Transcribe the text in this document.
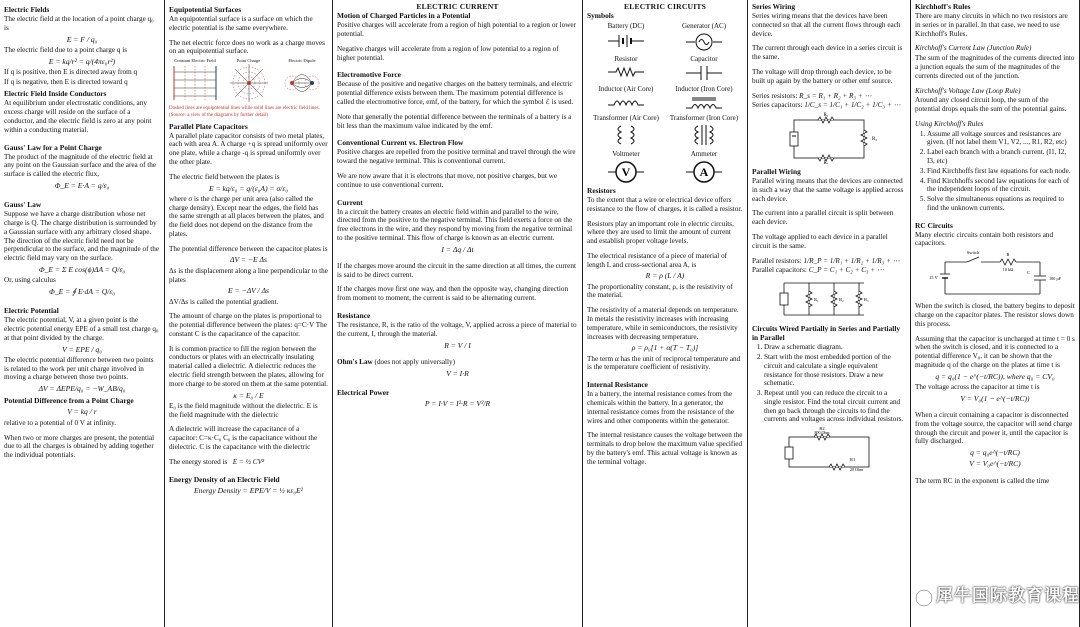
Electric Fields

The electric field at the location of a point charge q₀ is

E = F / q₀

The electric field due to a point charge q is

E = kq/r² = q/(4πε₀r²)

If q is positive, then E is directed away from q

If q is negative, then E is directed toward q

Electric Field Inside Conductors

At equilibrium under electrostatic conditions, any excess charge will reside on the surface of a conductor, and the electric field is zero at any point within a conducting material.

Gauss' Law for a Point Charge

The product of the magnitude of the electric field at any point on the Gaussian surface and the area of the surface is called the electric flux,

Φ_E = E·A = q/ε₀
Gauss' Law

Suppose we have a charge distribution whose net charge is Q. The charge distribution is surrounded by a Gaussian surface with any arbitrary closed shape. The direction of the electric field need not be perpendicular to the surface, and the magnitude of the electric field may vary on the surface.

Φ_E = Σ E cos(ϕ)ΔA = Q/ε₀

Or, using calculus

Φ_E = ∮ E·dA = Q/ε₀
Electric Potential

The electric potential, V, at a given point is the electric potential energy EPE of a small test charge q₀ at that point divided by the charge.

V = EPE / q₀

The electric potential difference between two points is related to the work per unit charge involved in moving a charge between those two points.

ΔV = ΔEPE/q₀ = −W_AB/q₀
Potential Difference from a Point Charge
V = kq / r

relative to a potential of 0 V at infinity.

When two or more charges are present, the potential due to all the charges is obtained by adding together the individual potentials.

Equipotential Surfaces

An equipotential surface is a surface on which the electric potential is the same everywhere.

The net electric force does no work as a charge moves on an equipotential surface.

Constant Electric Field	Point Charge	Electric Dipole
Dashed lines are equipotential lines while solid lines are electric field lines. (Source: a view of the diagrams by further detail)
Parallel Plate Capacitors

A parallel plate capacitor consists of two metal plates, each with area A. A charge +q is spread uniformly over one plate, while a charge -q is spread uniformly over the other plate.

The electric field between the plates is

E = kq/ε₀ = q/(ε₀A) = σ/ε₀

where σ is the charge per unit area (also called the charge density). Except near the edges, the field has the same strength at all places between the plates, and the field does not depend on the distance from the plates.

The potential difference between the capacitor plates is

ΔV = −E Δs

Δs is the displacement along a line perpendicular to the plates

E = −ΔV / Δs

ΔV/Δs is called the potential gradient.

The amount of charge on the plates is proportional to the potential difference between the plates: q=C·V The constant C is the capacitance of the capacitor.

It is common practice to fill the region between the conductors or plates with an electrically insulating material called a dielectric. A dielectric reduces the electric field strength between the plates, allowing for more charge to be stored on them at the same potential.

κ = E₀ / E

E₀ is the field magnitude without the dielectric. E is the field magnitude with the dielectric

A dielectric will increase the capacitance of a capacitor: C=κ·C₀ C₀ is the capacitance without the dielectric. C is the capacitance with the dielectric

The energy stored is E = ½ CV²

Energy Density of an Electric Field
Energy Density = EPE/V = ½ κε₀E²
ELECTRIC CURRENT
Motion of Charged Particles in a Potential

Positive charges will accelerate from a region of high potential to a region or lower potential.

Negative charges will accelerate from a region of low potential to a region of higher potential.

Electromotive Force

Because of the positive and negative charges on the battery terminals, and electric potential difference exists between them. The maximum potential difference is called the electromotive force, emf, of the battery, for which the symbol ℰ is used.

Note that generally the potential difference between the terminals of a battery is a bit less than the maximum value indicated by the emf.

Conventional Current vs. Electron Flow

Positive charges are repelled from the positive terminal and travel through the wire toward the negative terminal. This is conventional current.

We are now aware that it is electrons that move, not positive charges, but we continue to use conventional current.

Current

In a circuit the battery creates an electric field within and parallel to the wire, directed from the positive to the negative terminal. This field exerts a force on the free electrons in the wire, and they respond by moving from the negative terminal to the positive terminal. This flow of charge is known as an electric current.

I = Δq / Δt

If the charges move around the circuit in the same direction at all times, the current is said to be direct current.

If the charges move first one way, and then the opposite way, changing direction from moment to moment, the current is said to be alternating current.

Resistance

The resistance, R, is the ratio of the voltage, V, applied across a piece of material to the current, I, through the material.

R = V / I

Ohm's Law (does not apply universally)

V = I·R
Electrical Power
P = I·V = I²·R = V²/R
ELECTRIC CIRCUITS
Symbols
Battery (DC)	Generator (AC)
Resistor	Capacitor
Inductor (Air Core)	Inductor (Iron Core)
Transformer (Air Core)	Transformer (Iron Core)
Voltmeter
V
Ammeter
A
Resistors

To the extent that a wire or electrical device offers resistance to the flow of charges, it is called a resistor.

Resistors play an important role in electric circuits, where they are used to limit the amount of current and establish proper voltage levels.

The electrical resistance of a piece of material of length L and cross-sectional area A, is

R = ρ (L / A)

The proportionality constant, ρ, is the resistivity of the material.

The resistivity of a material depends on temperature. In metals the resistivity increases with increasing temperature, while in semiconductors, the resistivity increases with decreasing temperature.

ρ = ρ₀[1 + α(T − T₀)]

The term α has the unit of reciprocal temperature and is the temperature coefficient of resistivity.

Internal Resistance

In a battery, the internal resistance comes from the chemicals within the battery. In a generator, the internal resistance comes from the resistance of the wires and other components within the generator.

The internal resistance causes the voltage between the terminals to drop below the maximum value specified by the battery's emf. This actual voltage is known as the terminal voltage.

Series Wiring

Series wiring means that the devices have been connected so that all the current flows through each device.

The current through each device in a series circuit is the same.

The voltage will drop through each device, to be built up again by the battery or other emf source.

Series resistors: R_s = R₁ + R₂ + R₃ + ⋯

Series capacitors: 1/C_s = 1/C₁ + 1/C₂ + 1/C₃ + ⋯

R₁
R₂
R₃
Parallel Wiring

Parallel wiring means that the devices are connected in such a way that the same voltage is applied across each device.

The current into a parallel circuit is split between each device.

The voltage applied to each device in a parallel circuit is the same.

Parallel resistors: 1/R_P = 1/R₁ + 1/R₂ + 1/R₃ + ⋯

Parallel capacitors: C_P = C₁ + C₂ + C₃ + ⋯

R₁	R₂	R₃
Circuits Wired Partially in Series and Partially in Parallel
1. Draw a schematic diagram.
2. Start with the most embedded portion of the circuit and calculate a single equivalent resistance for those resistors. Draw a new schematic.
3. Repeat until you can reduce the circuit to a single resistor. Find the total circuit current and then go back through the circuits to find the currents and voltages across individual resistors.
R2
800 Ohm
R1
20 Ohm
Kirchhoff's Rules

There are many circuits in which no two resistors are in series or in parallel. In that case, we need to use Kirchhoff's Rules.

Kirchhoff's Current Law (Junction Rule)

The sum of the magnitudes of the currents directed into a junction equals the sum of the magnitudes of the currents directed out of the junction.

Kirchhoff's Voltage Law (Loop Rule)

Around any closed circuit loop, the sum of the potential drops equals the sum of the potential gains.

Using Kirchhoff's Rules

1. Assume all voltage sources and resistances are given. (If not label them V1, V2, ..., R1, R2, etc)
2. Label each branch with a branch current. (I1, I2, I3, etc)
3. Find Kirchhoffs first law equations for each node.
4. Find Kirchhoffs second law equations for each of the independent loops of the circuit.
5. Solve the simultaneous equations as required to find the unknown currents.
RC Circuits

Many electric circuits contain both resistors and capacitors.

Switch
15 V
R
10 kΩ
C
100 µF

When the switch is closed, the battery begins to deposit charge on the capacitor plates. The resistor slows down this process.

Assuming that the capacitor is uncharged at time t = 0 s when the switch is closed, and it is connected to a potential difference V₀, it can be shown that the magnitude q of the charge on the plates at time t is

q = q₀(1 − e^(−t/RC)), where q₀ = CV₀

The voltage across the capacitor at time t is

V = V₀(1 − e^(−t/RC))

When a circuit containing a capacitor is disconnected from the voltage source, the capacitor will send charge through the circuit and power it, until the capacitor is fully discharged.

q = q₀e^(−t/RC)
V = V₀e^(−t/RC)

The term RC in the exponent is called the time

犀牛国际教育课程
